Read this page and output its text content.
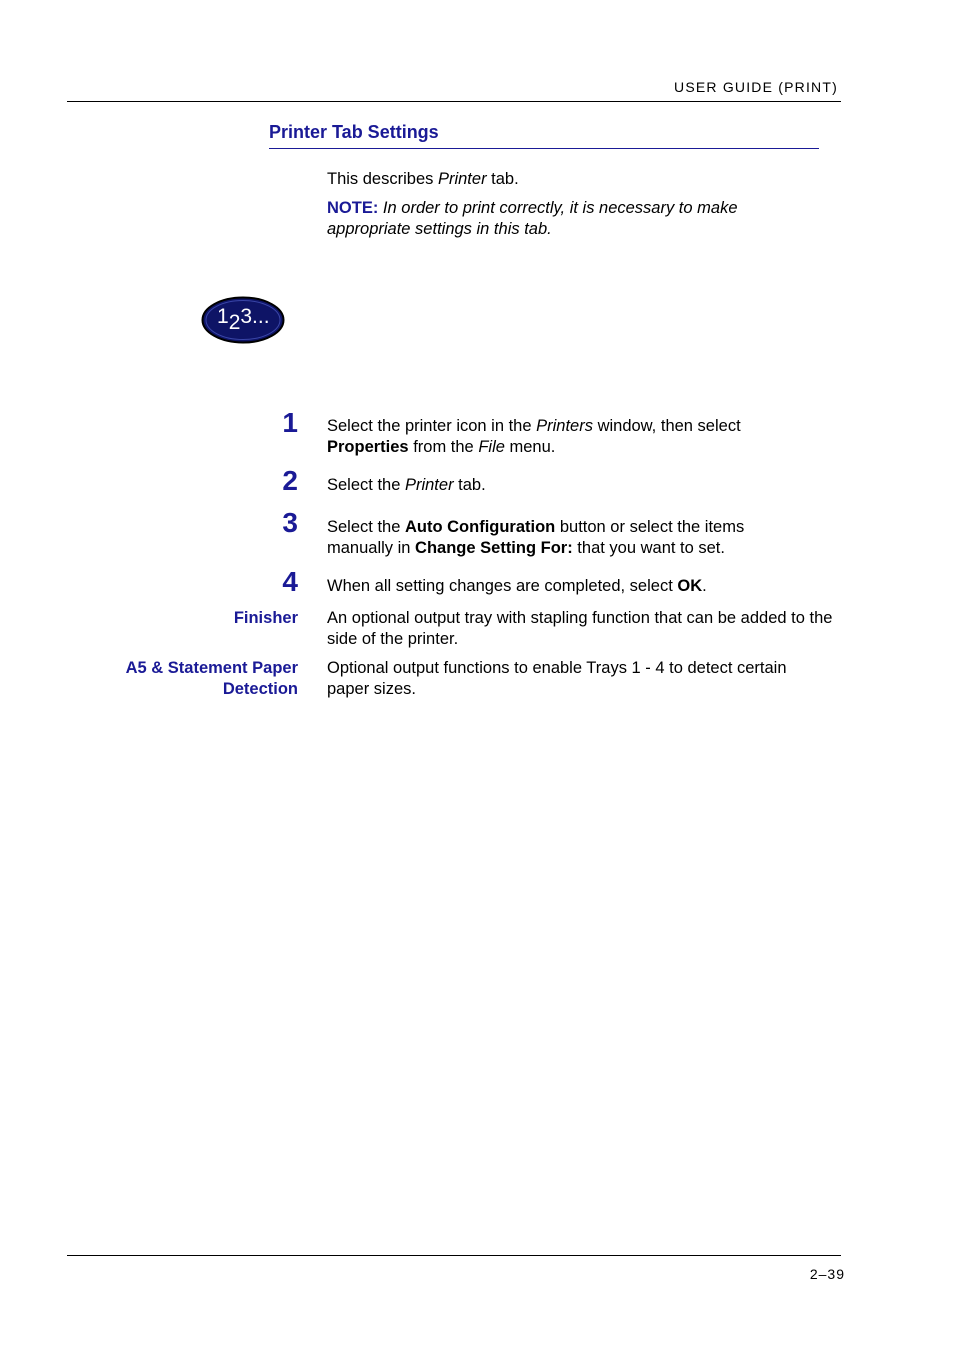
USER GUIDE (PRINT)
Printer Tab Settings
This describes Printer tab.
NOTE: In order to print correctly, it is necessary to make appropriate settings in this tab.
123...
1 Select the printer icon in the Printers window, then select Properties from the File menu.
2 Select the Printer tab.
3 Select the Auto Configuration button or select the items manually in Change Setting For: that you want to set.
4 When all setting changes are completed, select OK.
Finisher An optional output tray with stapling function that can be added to the side of the printer.
A5 & Statement Paper
Detection
Optional output functions to enable Trays 1 - 4 to detect certain paper sizes.
2–39
